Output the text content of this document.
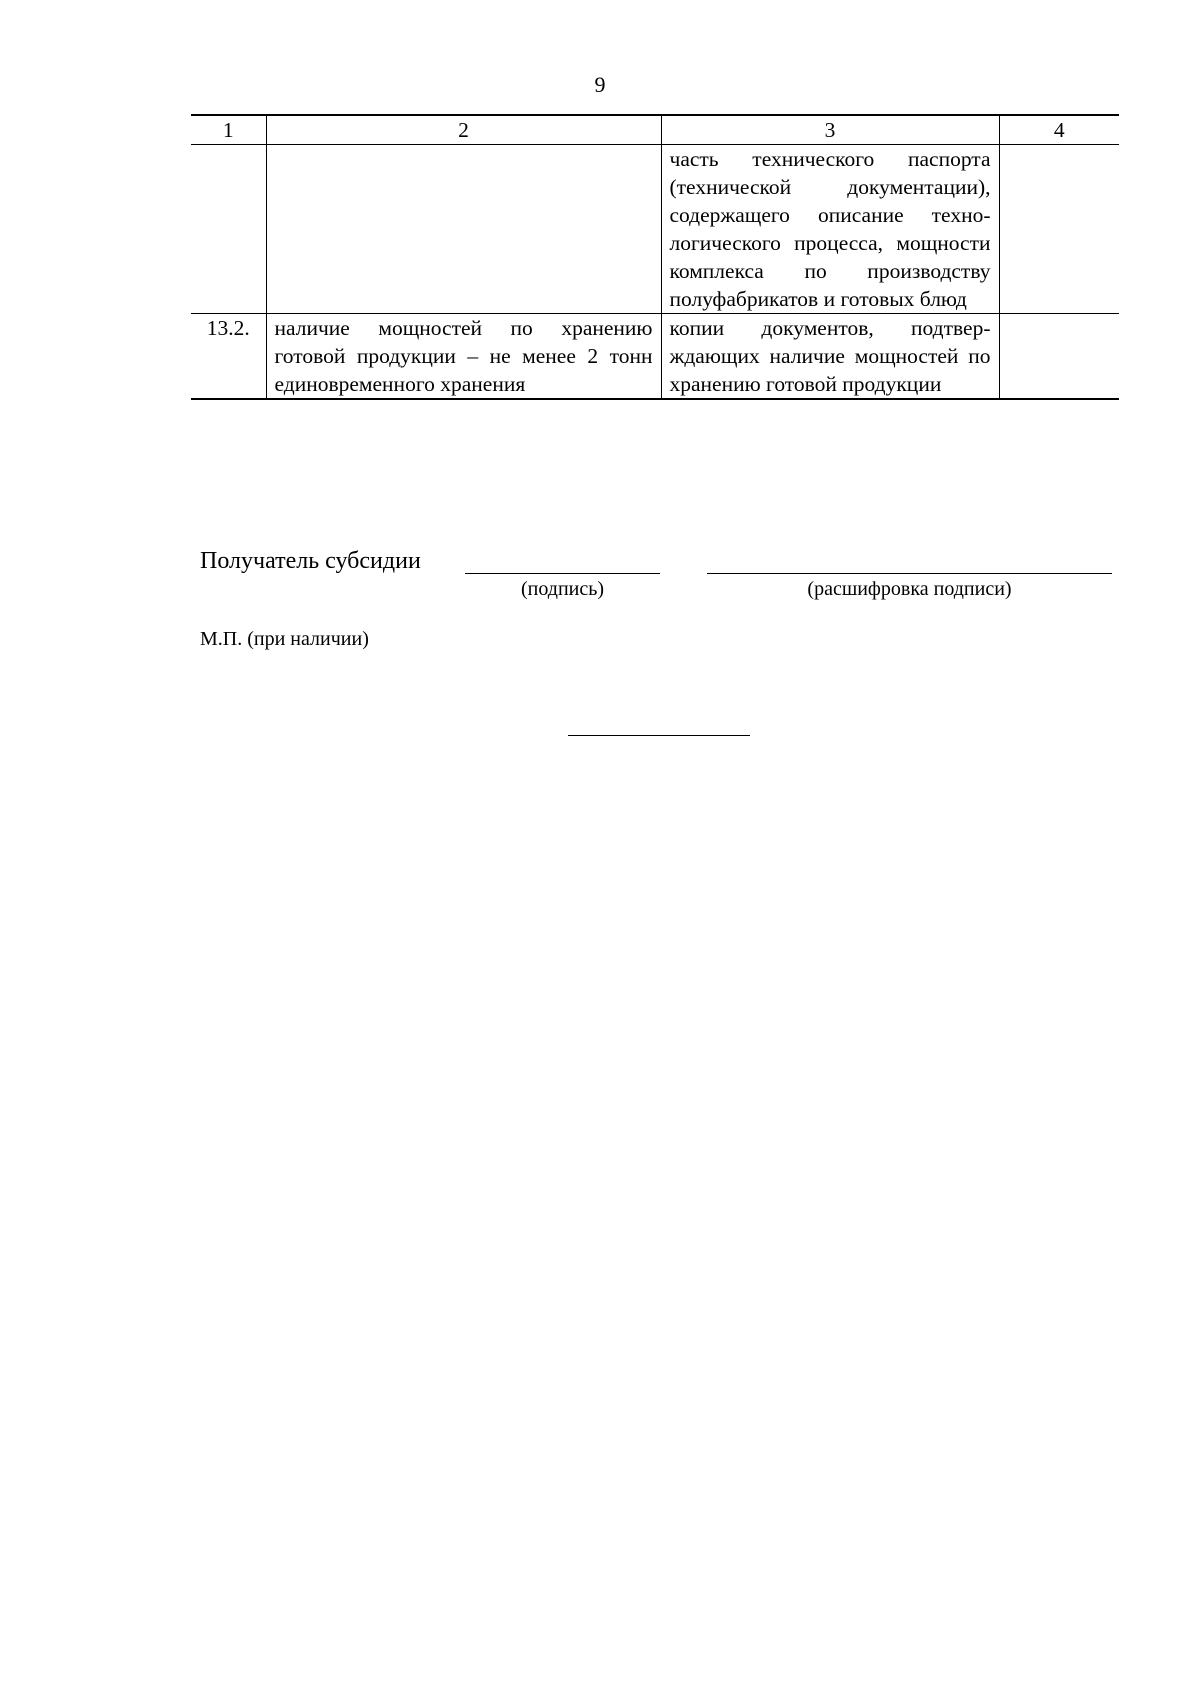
9
1	2	3	4
		часть технического паспорта (технической документации), содержащего описание технологического процесса, мощности комплекса по производству полуфабрикатов и готовых блюд	
13.2.	наличие мощностей по хранению готовой продукции – не менее 2 тонн единовременного хранения	копии документов, подтверждающих наличие мощностей по хранению готовой продукции	
Получатель субсидии
(подпись)	(расшифровка подписи)
М.П. (при наличии)
